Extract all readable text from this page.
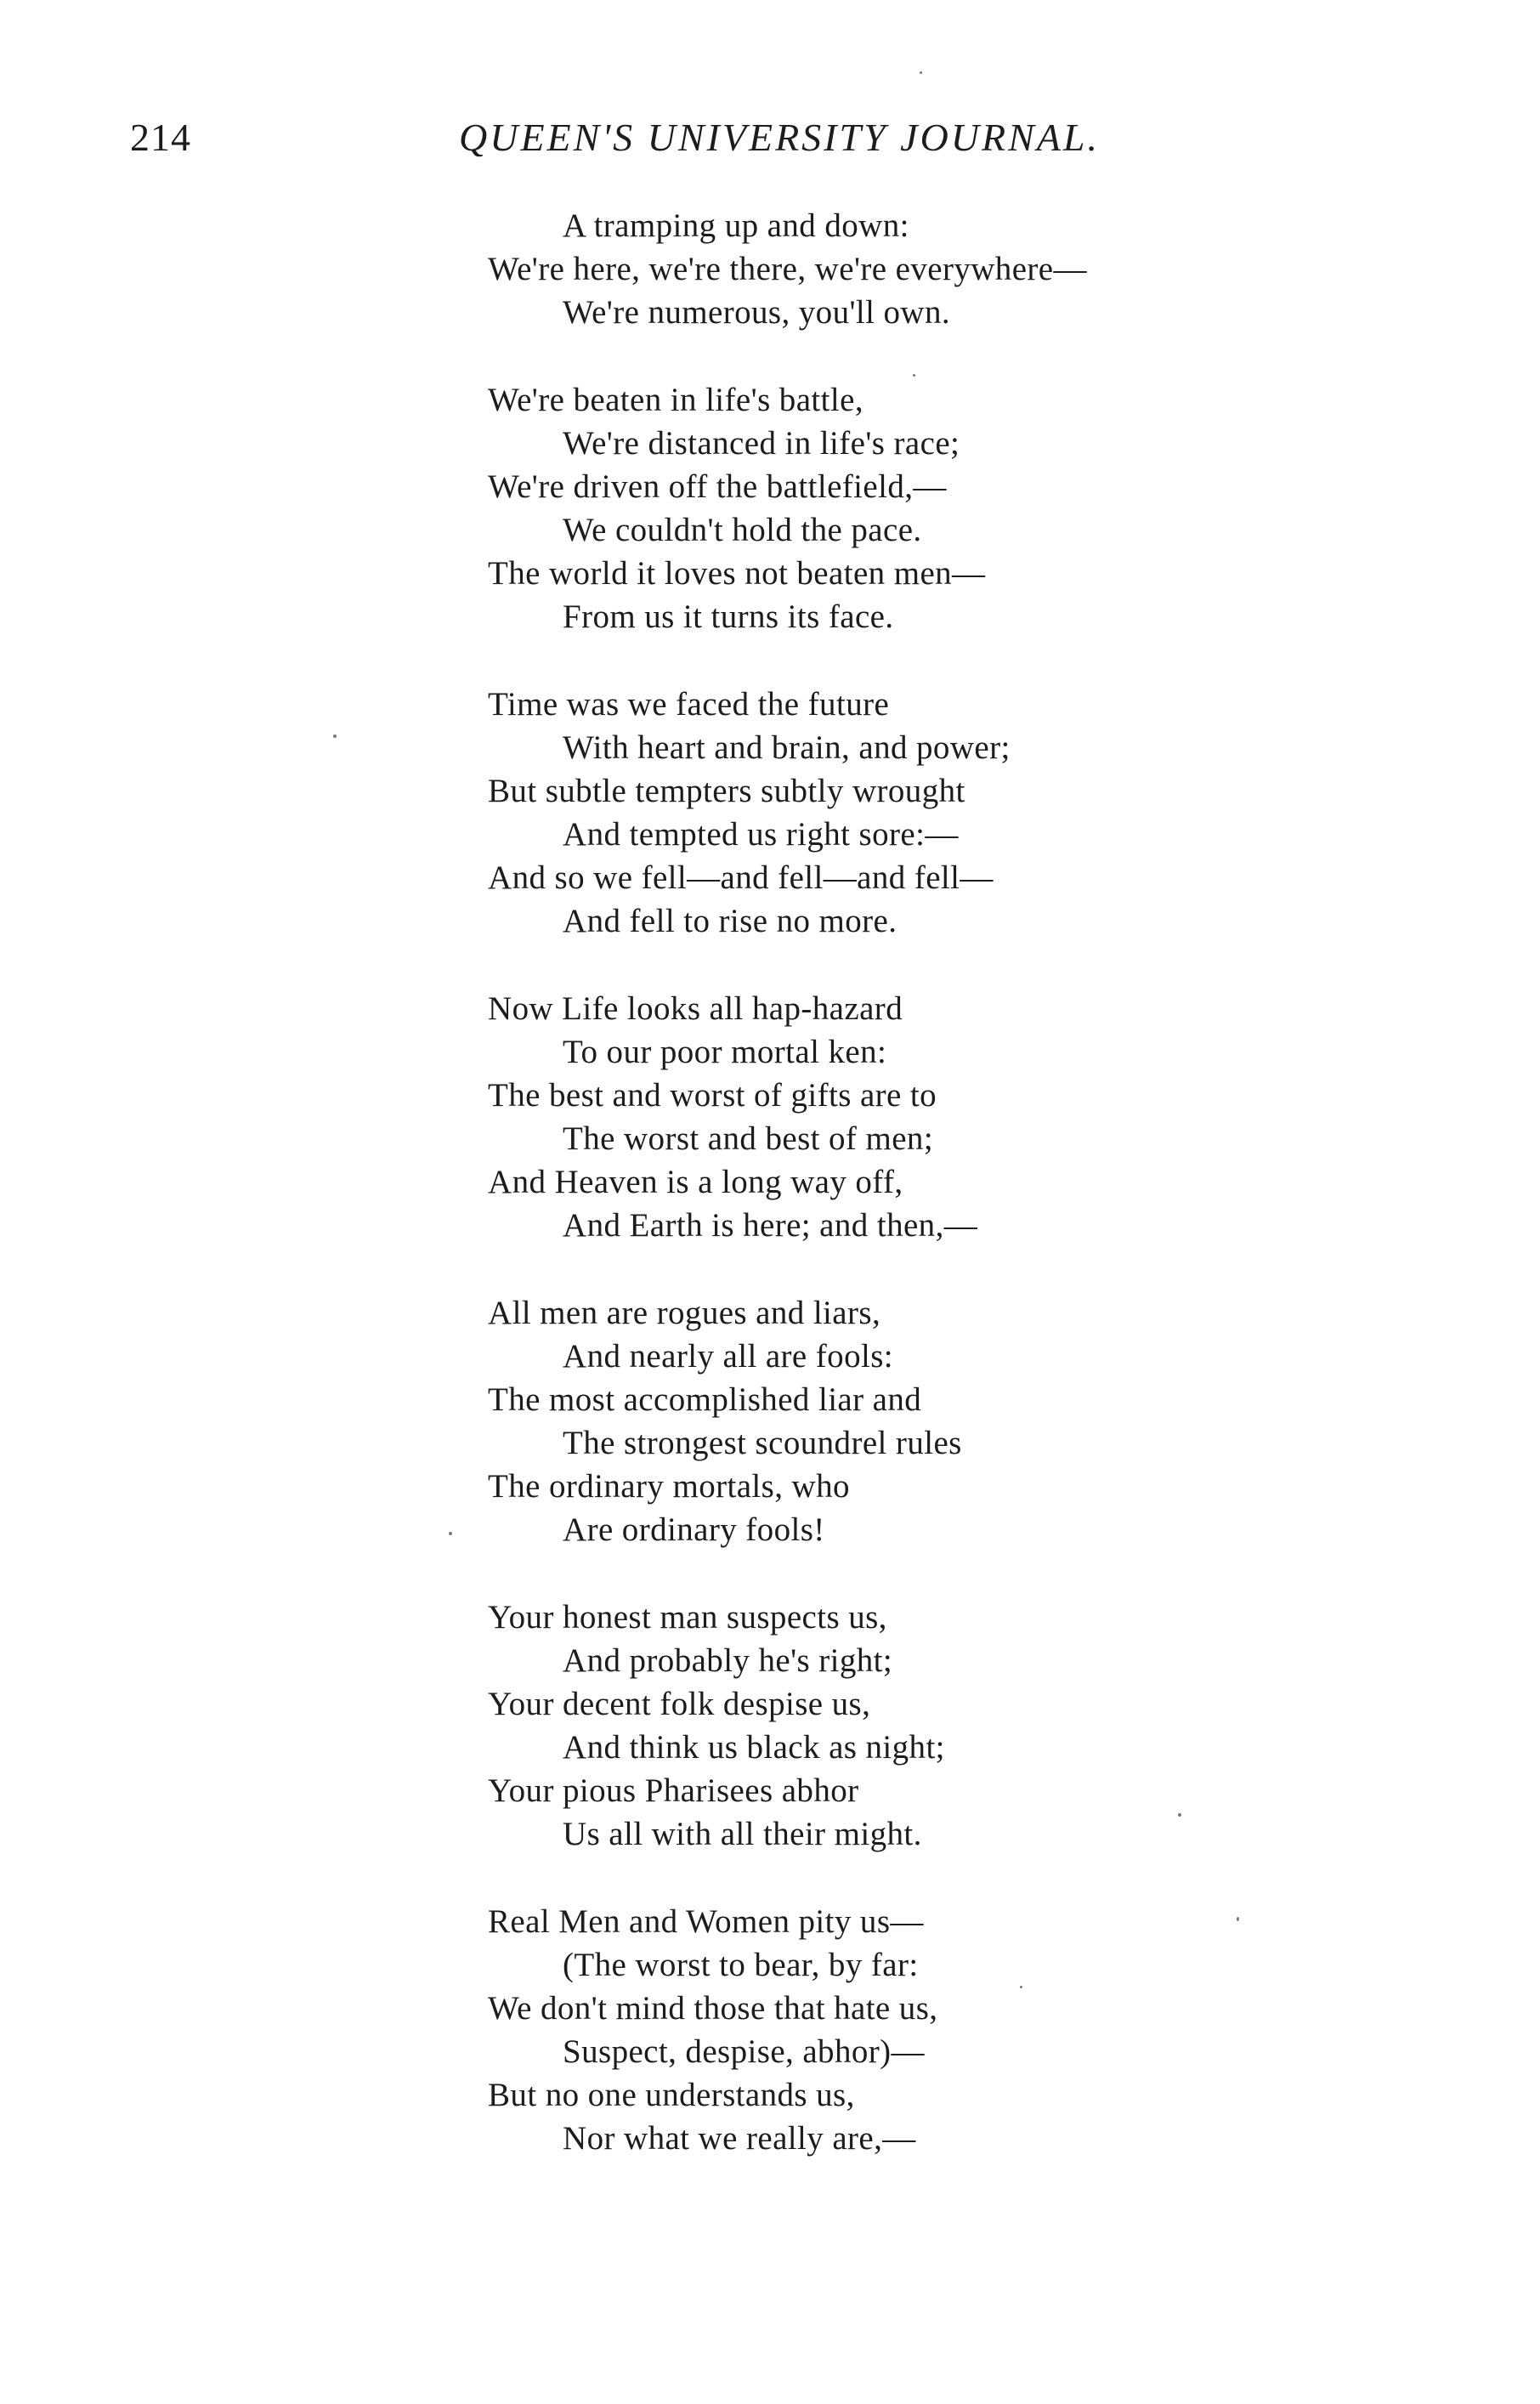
214	QUEEN'S UNIVERSITY JOURNAL.
A tramping up and down:
We're here, we're there, we're everywhere—
We're numerous, you'll own.
We're beaten in life's battle,
We're distanced in life's race;
We're driven off the battlefield,—
We couldn't hold the pace.
The world it loves not beaten men—
From us it turns its face.
Time was we faced the future
With heart and brain, and power;
But subtle tempters subtly wrought
And tempted us right sore:—
And so we fell—and fell—and fell—
And fell to rise no more.
Now Life looks all hap-hazard
To our poor mortal ken:
The best and worst of gifts are to
The worst and best of men;
And Heaven is a long way off,
And Earth is here; and then,—
All men are rogues and liars,
And nearly all are fools:
The most accomplished liar and
The strongest scoundrel rules
The ordinary mortals, who
Are ordinary fools!
Your honest man suspects us,
And probably he's right;
Your decent folk despise us,
And think us black as night;
Your pious Pharisees abhor
Us all with all their might.
Real Men and Women pity us—
(The worst to bear, by far:
We don't mind those that hate us,
Suspect, despise, abhor)—
But no one understands us,
Nor what we really are,—
